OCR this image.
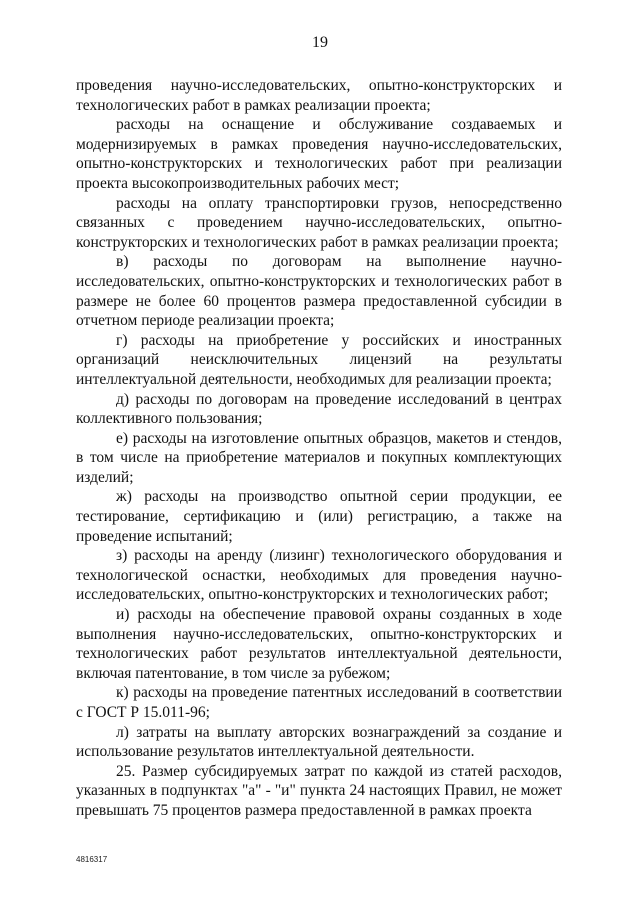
19

проведения научно-исследовательских, опытно-конструкторских и технологических работ в рамках реализации проекта;

расходы на оснащение и обслуживание создаваемых и модернизируемых в рамках проведения научно-исследовательских, опытно-конструкторских и технологических работ при реализации проекта высокопроизводительных рабочих мест;

расходы на оплату транспортировки грузов, непосредственно связанных с проведением научно-исследовательских, опытно-конструкторских и технологических работ в рамках реализации проекта;

в) расходы по договорам на выполнение научно-исследовательских, опытно-конструкторских и технологических работ в размере не более 60 процентов размера предоставленной субсидии в отчетном периоде реализации проекта;

г) расходы на приобретение у российских и иностранных организаций неисключительных лицензий на результаты интеллектуальной деятельности, необходимых для реализации проекта;

д) расходы по договорам на проведение исследований в центрах коллективного пользования;

е) расходы на изготовление опытных образцов, макетов и стендов, в том числе на приобретение материалов и покупных комплектующих изделий;

ж) расходы на производство опытной серии продукции, ее тестирование, сертификацию и (или) регистрацию, а также на проведение испытаний;

з) расходы на аренду (лизинг) технологического оборудования и технологической оснастки, необходимых для проведения научно-исследовательских, опытно-конструкторских и технологических работ;

и) расходы на обеспечение правовой охраны созданных в ходе выполнения научно-исследовательских, опытно-конструкторских и технологических работ результатов интеллектуальной деятельности, включая патентование, в том числе за рубежом;

к) расходы на проведение патентных исследований в соответствии с ГОСТ Р 15.011-96;

л) затраты на выплату авторских вознаграждений за создание и использование результатов интеллектуальной деятельности.

25. Размер субсидируемых затрат по каждой из статей расходов, указанных в подпунктах "а" - "и" пункта 24 настоящих Правил, не может превышать 75 процентов размера предоставленной в рамках проекта

4816317
